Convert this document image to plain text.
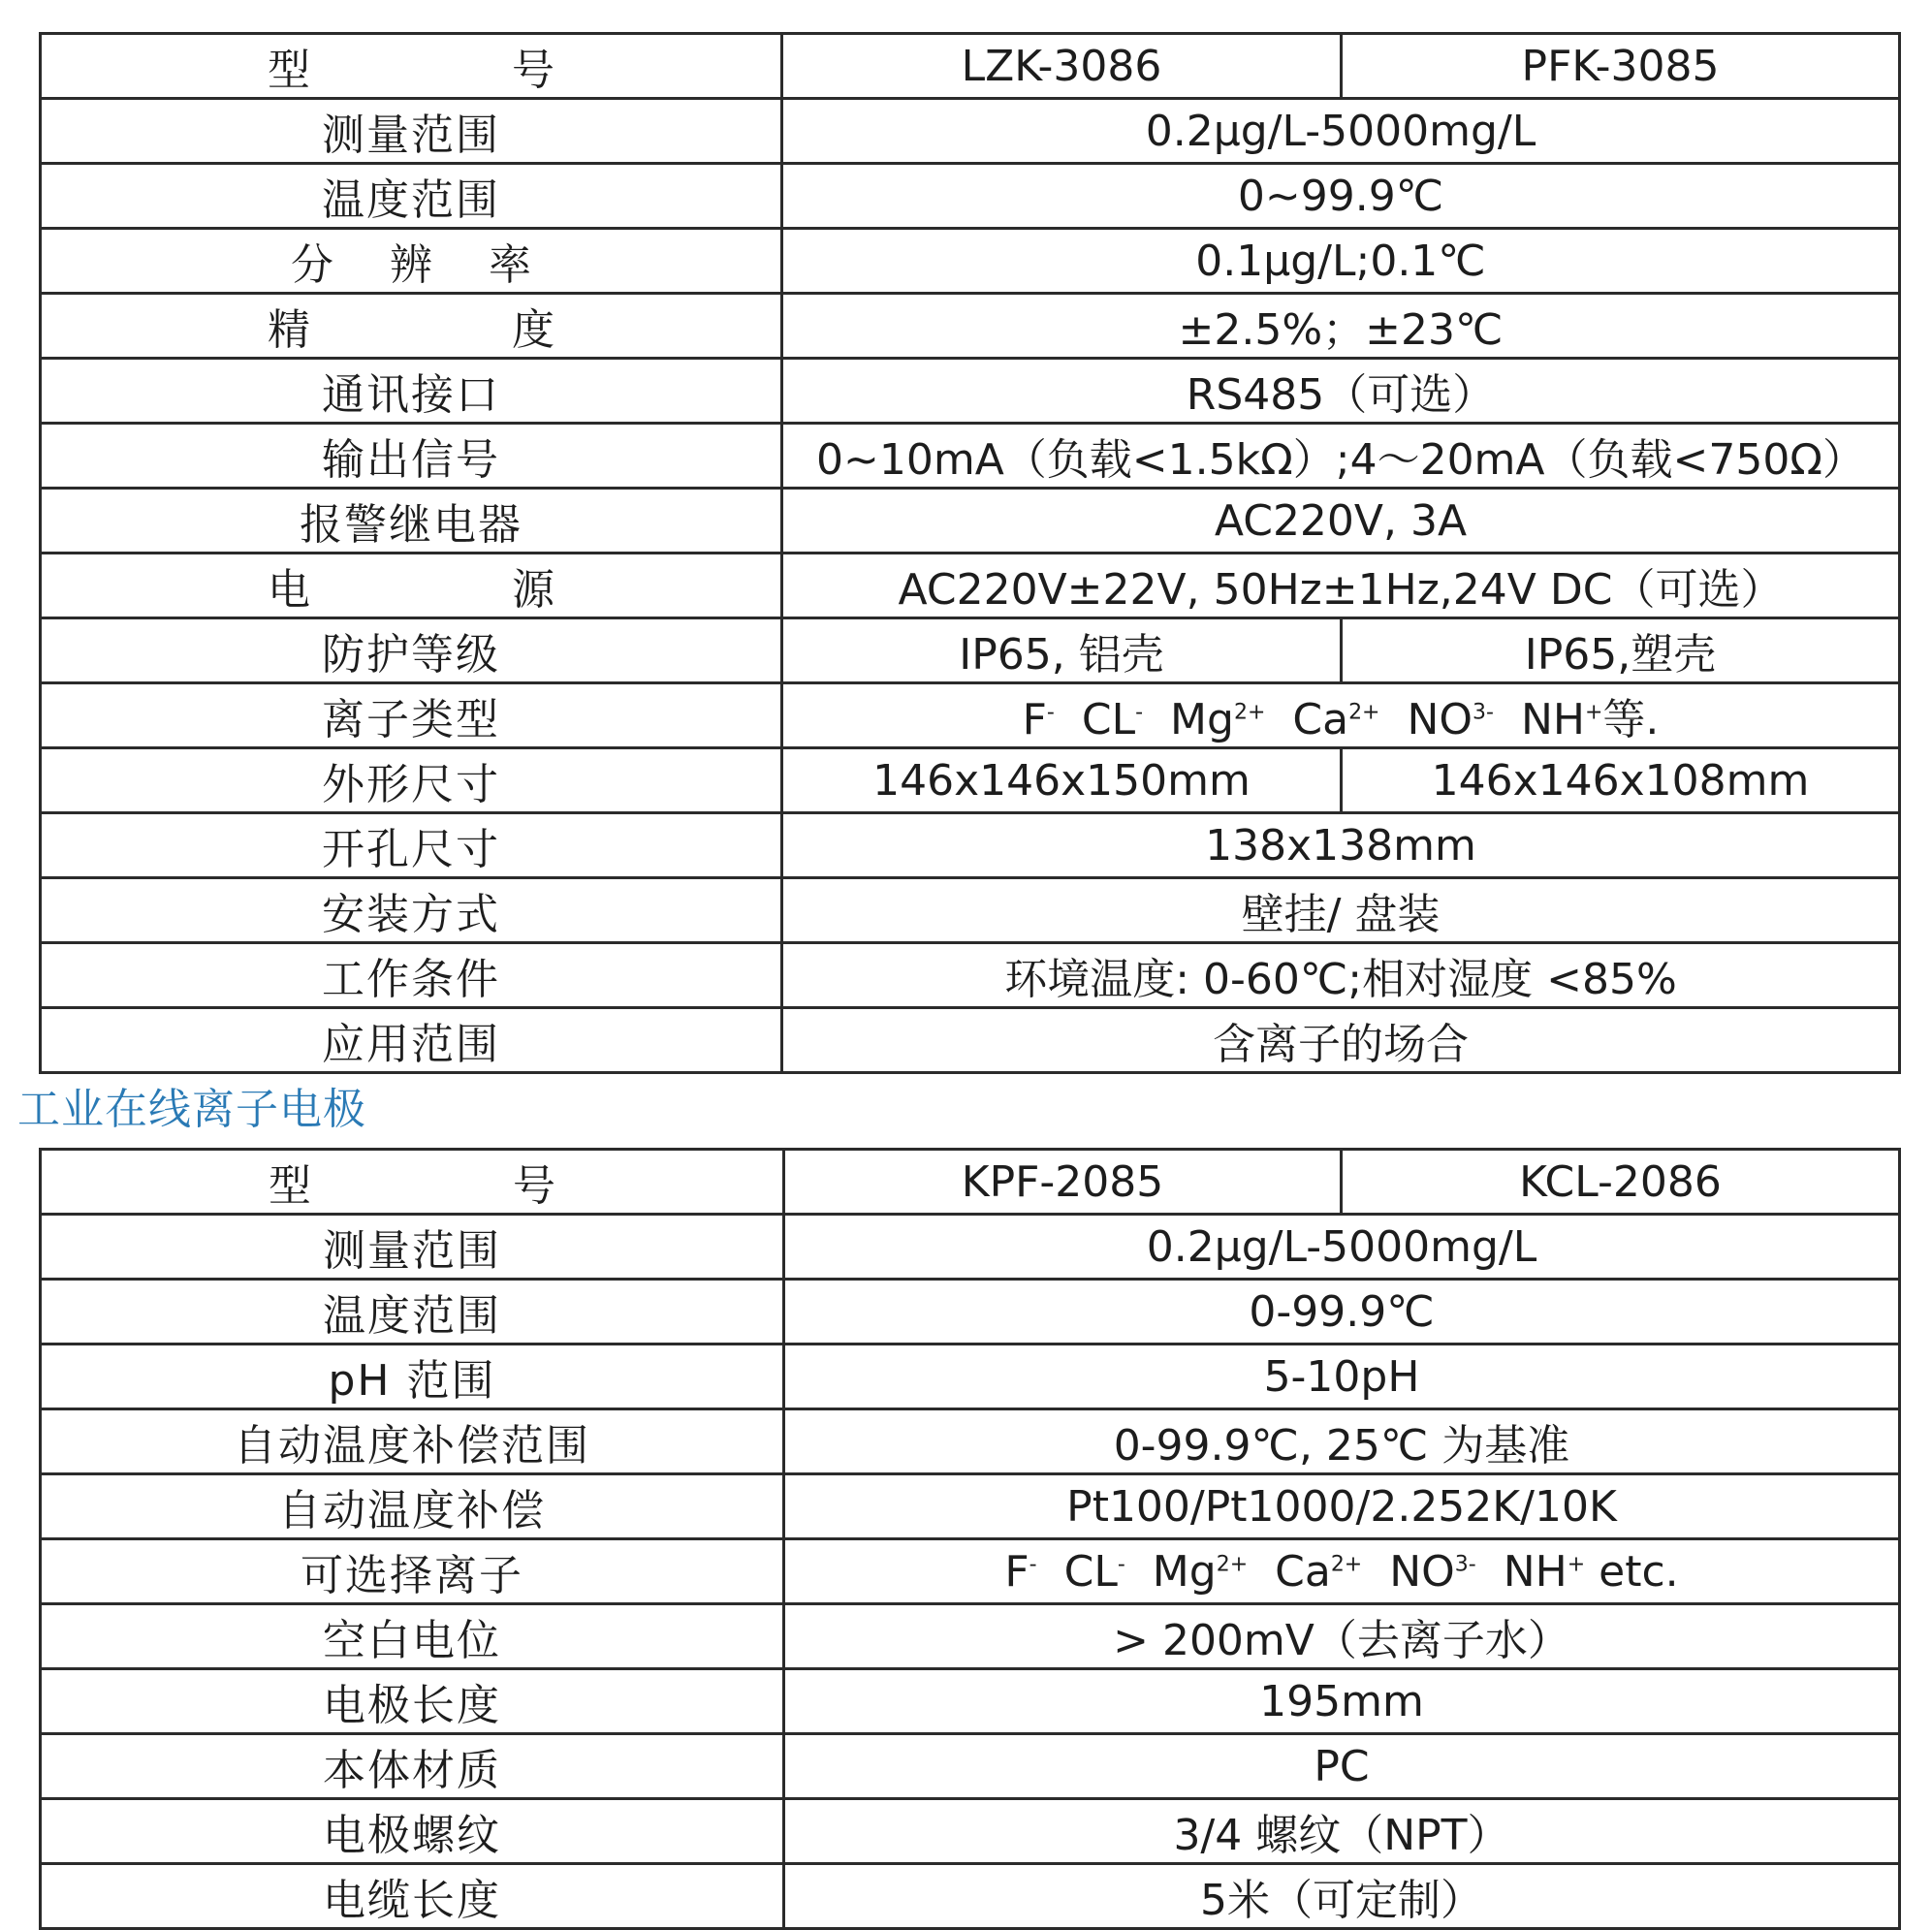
型　　号	LZK-3086	PFK-3085
测量范围	0.2μg/L-5000mg/L	
温度范围	0~99.9℃	
分 辨 率	0.1μg/L;0.1℃	
精　　度	±2.5%；±23℃	
通讯接口	RS485（可选）	
输出信号	0~10mA（负载<1.5kΩ）;4～20mA（负载<750Ω）	
报警继电器	AC220V, 3A	
电　　源	AC220V±22V, 50Hz±1Hz,24V DC（可选）	
防护等级	IP65, 铝壳	IP65,塑壳
离子类型	F- CL- $Mg^{2+}$ $Ca^{2+}$ $NO^{3-}$ NH+等.	
外形尺寸	146x146x150mm	146x146x108mm
开孔尺寸	138x138mm	
安装方式	壁挂/ 盘装	
工作条件	环境温度: 0-60℃;相对湿度 <85%	
应用范围	含离子的场合	
工业在线离子电极
型　　号	KPF-2085	KCL-2086
测量范围	0.2μg/L-5000mg/L	
温度范围	0-99.9℃	
pH 范围	5-10pH	
自动温度补偿范围	0-99.9℃, 25℃ 为基准	
自动温度补偿	Pt100/Pt1000/2.252K/10K	
可选择离子	F- CL- $Mg^{2+}$ $Ca^{2+}$ $NO^{3-}$ NH+ etc.	
空白电位	> 200mV（去离子水）	
电极长度	195mm	
本体材质	PC	
电极螺纹	3/4 螺纹（NPT）	
电缆长度	5米（可定制）	
